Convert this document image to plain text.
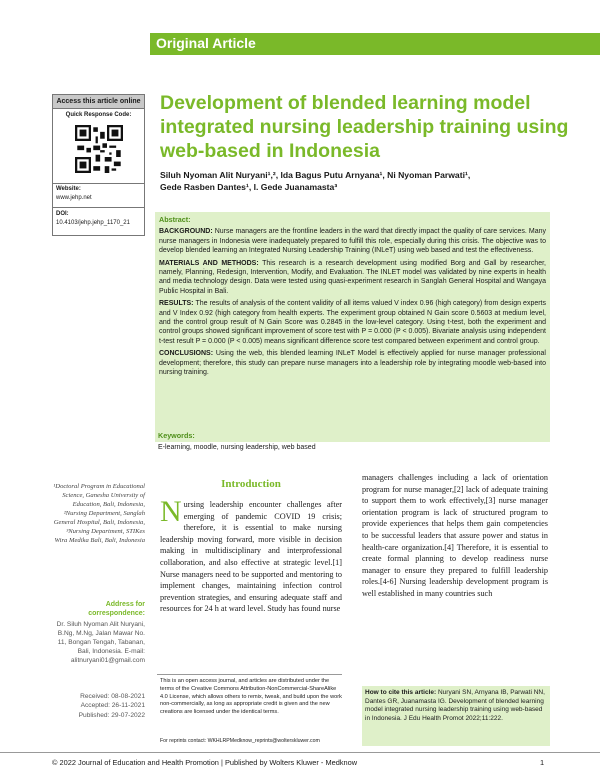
Original Article
Access this article online
Quick Response Code:
Website:
www.jehp.net
DOI:
10.4103/jehp.jehp_1170_21
Development of blended learning model integrated nursing leadership training using web-based in Indonesia
Siluh Nyoman Alit Nuryani¹,², Ida Bagus Putu Arnyana¹, Ni Nyoman Parwati¹,
Gede Rasben Dantes¹, I. Gede Juanamasta³
Abstract:

BACKGROUND: Nurse managers are the frontline leaders in the ward that directly impact the quality of care services. Many nurse managers in Indonesia were inadequately prepared to fulfill this role, especially during this crisis. The objective was to develop blended learning an Integrated Nursing Leadership Training (INLeT) using web based and test the effectiveness.

MATERIALS AND METHODS: This research is a research development using modified Borg and Gall by researcher, namely, Planning, Redesign, Intervention, Modify, and Evaluation. The INLET model was validated by nine experts in health and media technology design. Data were tested using quasi-experiment research in Sanglah General Hospital and Wangaya Public Hospital in Bali.

RESULTS: The results of analysis of the content validity of all items valued V index 0.96 (high category) from design experts and V Index 0.92 (high category from health experts. The experiment group obtained N Gain score 0.5603 at medium level, and the control group result of N Gain Score was 0.2845 in the low-level category. Using t-test, both the experiment and control groups showed significant improvement of score test with P = 0.000 (P < 0.005). Bivariate analysis using independent t-test result P = 0.000 (P < 0.005) means significant difference score test compared between experiment and control group.

CONCLUSIONS: Using the web, this blended learning INLeT Model is effectively applied for nurse manager professional development; therefore, this study can prepare nurse managers into a leadership role by integrating moodle web-based into nursing training.

Keywords:
E-learning, moodle, nursing leadership, web based
¹Doctoral Program in Educational Science, Ganesha University of Education, Bali, Indonesia, ²Nursing Department, Sanglah General Hospital, Bali, Indonesia, ³Nursing Department, STIKes Wira Medika Bali, Bali, Indonesia
Address for correspondence:
Dr. Siluh Nyoman Alit Nuryani, B.Ng, M.Ng, Jalan Mawar No. 11, Bongan Tengah, Tabanan, Bali, Indonesia. E-mail: alitnuryani01@gmail.com
Received: 08-08-2021
Accepted: 26-11-2021
Published: 29-07-2022
Introduction
Nursing leadership encounter challenges after emerging of pandemic COVID 19 crisis; therefore, it is essential to make nursing leadership moving forward, more visible in decision making in multidisciplinary and interprofessional collaboration, and also effective at strategic level.[1] Nurse managers need to be supported and mentoring to implement changes, maintaining infection control prevention strategies, and ensuring adequate staff and resources for 24 h at ward level. Study has found nurse
managers challenges including a lack of orientation program for nurse manager,[2] lack of adequate training to support them to work effectively,[3] nurse manager orientation program is lack of structured program to provide experiences that helps them gain competencies to be successful leaders that assure power and status in health-care organization.[4] Therefore, it is essential to create formal planning to develop readiness nurse manager to ensure they prepared to fulfill leadership roles.[4-6] Nursing leadership development program is well established in many countries such
This is an open access journal, and articles are distributed under the terms of the Creative Commons Attribution-NonCommercial-ShareAlike 4.0 License, which allows others to remix, tweak, and build upon the work non-commercially, as long as appropriate credit is given and the new creations are licensed under the identical terms.
For reprints contact: WKHLRPMedknow_reprints@wolterskluwer.com
How to cite this article: Nuryani SN, Arnyana IB, Parwati NN, Dantes GR, Juanamasta IG. Development of blended learning model integrated nursing leadership training using web-based in Indonesia. J Edu Health Promot 2022;11:222.
© 2022 Journal of Education and Health Promotion | Published by Wolters Kluwer - Medknow	1
